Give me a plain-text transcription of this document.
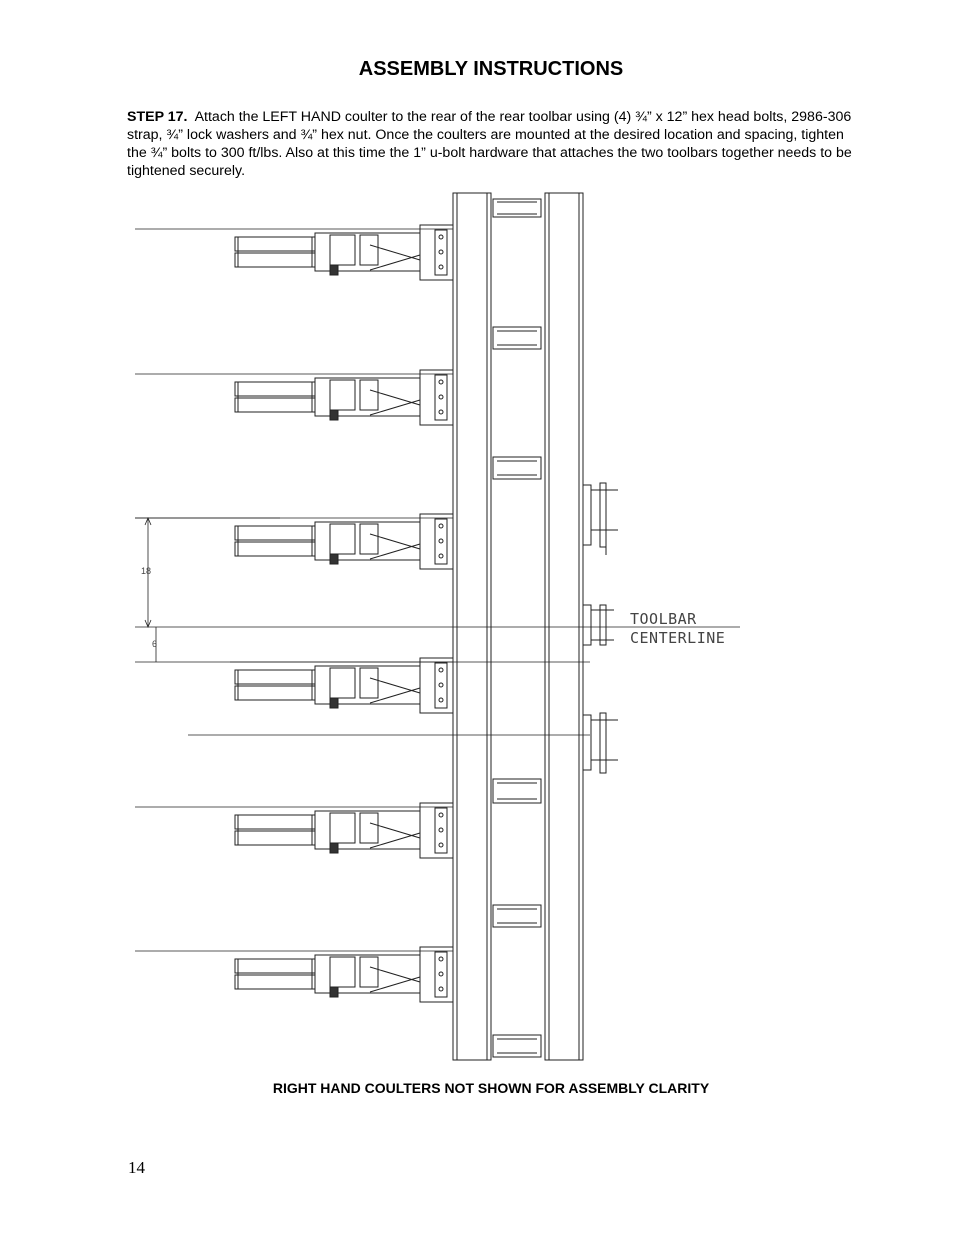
ASSEMBLY INSTRUCTIONS
STEP 17. Attach the LEFT HAND coulter to the rear of the rear toolbar using (4) ¾” x 12” hex head bolts, 2986-306 strap, ¾” lock washers and ¾” hex nut. Once the coulters are mounted at the desired location and spacing, tighten the ¾” bolts to 300 ft/lbs. Also at this time the 1” u-bolt hardware that attaches the two toolbars together needs to be tightened securely.
18
6
TOOLBAR
CENTERLINE
RIGHT HAND COULTERS NOT SHOWN FOR ASSEMBLY CLARITY
14
